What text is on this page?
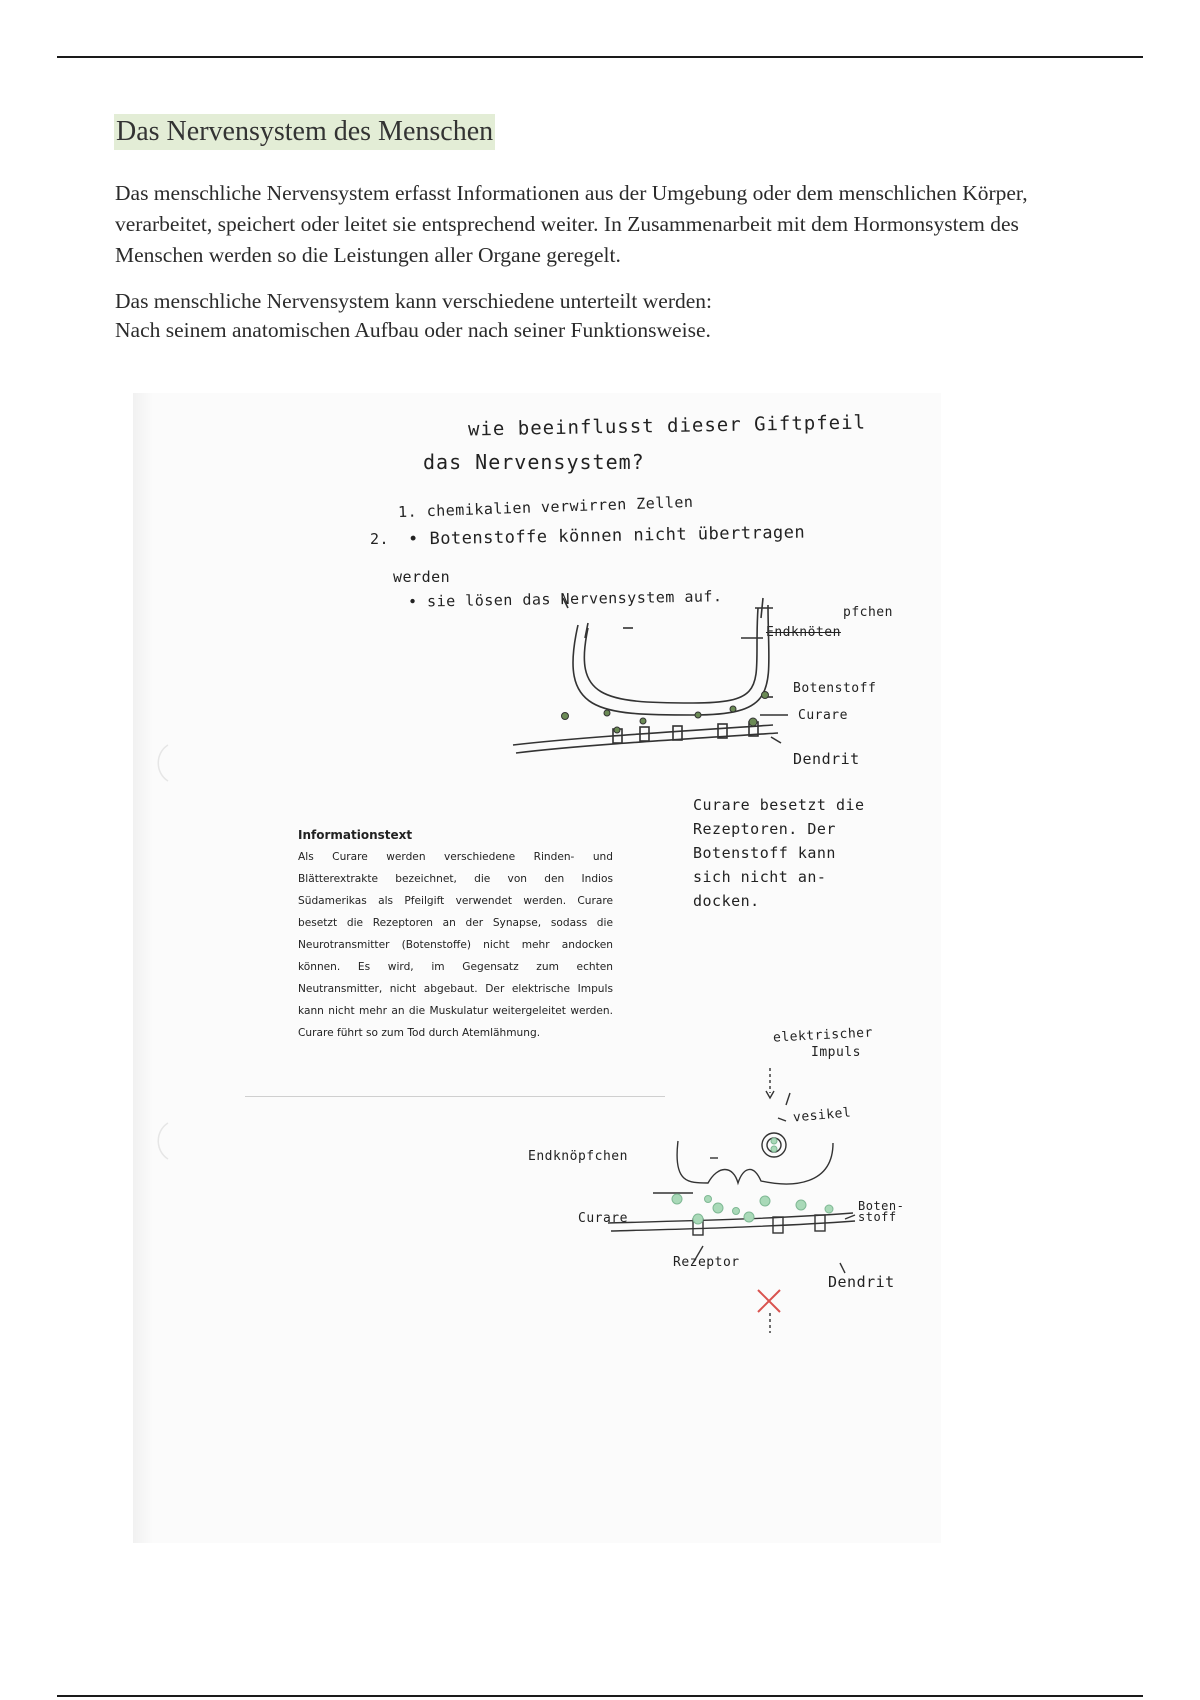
Das Nervensystem des Menschen

Das menschliche Nervensystem erfasst Informationen aus der Umgebung oder dem menschlichen Körper, verarbeitet, speichert oder leitet sie entsprechend weiter. In Zusammenarbeit mit dem Hormonsystem des Menschen werden so die Leistungen aller Organe geregelt.

Das menschliche Nervensystem kann verschiedene unterteilt werden:
Nach seinem anatomischen Aufbau oder nach seiner Funktionsweise.

wie beeinflusst dieser Giftpfeil
das Nervensystem?
1. chemikalien verwirren Zellen
2. • Botenstoffe können nicht übertragen
werden
• sie lösen das Nervensystem auf.
pfchen
Endknöten
Botenstoff
Curare
Dendrit
Curare besetzt die
Rezeptoren. Der
Botenstoff kann
sich nicht an-
docken.
Informationstext
Als Curare werden verschiedene Rinden- und Blätterextrakte bezeichnet, die von den Indios Südamerikas als Pfeilgift verwendet werden. Curare besetzt die Rezeptoren an der Synapse, sodass die Neurotransmitter (Botenstoffe) nicht mehr andocken können. Es wird, im Gegensatz zum echten Neutransmitter, nicht abgebaut. Der elektrische Impuls kann nicht mehr an die Muskulatur weitergeleitet werden. Curare führt so zum Tod durch Atemlähmung.	elektrischer
Impuls
vesikel
Endknöpfchen
Curare
Boten-
stoff
Rezeptor
Dendrit
